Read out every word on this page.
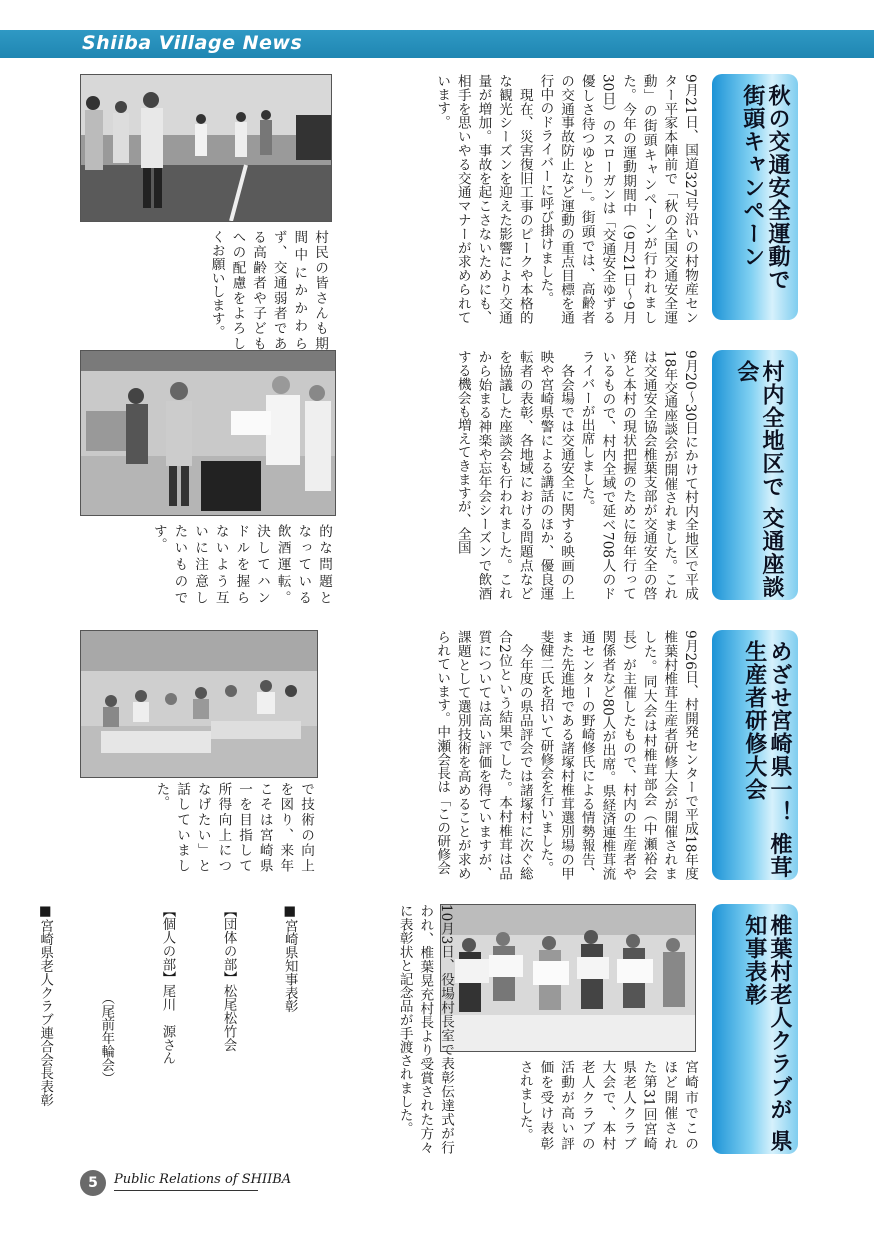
Shiiba Village News
秋の交通安全運動で 街頭キャンペーン
9月21日、国道327号沿いの村物産センター平家本陣前で「秋の全国交通安全運動」の街頭キャンペーンが行われました。今年の運動期間中（9月21日～9月30日）のスローガンは「交通安全ゆずる優しさ待つゆとり」。街頭では、高齢者の交通事故防止など運動の重点目標を通行中のドライバーに呼び掛けました。
　現在、災害復旧工事のピークや本格的な観光シーズンを迎えた影響により交通量が増加。事故を起こさないためにも、相手を思いやる交通マナーが求められています。
村民の皆さんも期間中にかかわらず、交通弱者である高齢者や子どもへの配慮をよろしくお願いします。
村内全地区で 交通座談会
9月20～30日にかけて村内全地区で平成18年交通座談会が開催されました。これは交通安全協会椎葉支部が交通安全の啓発と本村の現状把握のために毎年行っているもので、村内全域で延べ708人のドライバーが出席しました。
　各会場では交通安全に関する映画の上映や宮崎県警による講話のほか、優良運転者の表彰、各地域における問題点などを協議した座談会も行われました。これから始まる神楽や忘年会シーズンで飲酒する機会も増えてきますが、全国
的な問題となっている飲酒運転。決してハンドルを握らないよう互いに注意したいものです。
めざせ宮崎県一！ 椎茸生産者研修大会
9月26日、村開発センターで平成18年度椎葉村椎茸生産者研修大会が開催されました。同大会は村椎茸部会（中瀬裕会長）が主催したもので、村内の生産者や関係者など80人が出席。県経済連椎茸流通センターの野崎修氏による情勢報告、また先進地である諸塚村椎茸選別場の甲斐健二氏を招いて研修会を行いました。
　今年度の県品評会では諸塚村に次ぐ総合2位という結果でした。本村椎茸は品質については高い評価を得ていますが、課題として選別技術を高めることが求められています。中瀬会長は「この研修会
で技術の向上を図り、来年こそは宮崎県一を目指して所得向上につなげたい」と話していました。
椎葉村老人クラブが 県知事表彰
宮崎市でこのほど開催された第31回宮崎県老人クラブ大会で、本村老人クラブの活動が高い評価を受け表彰されました。
10月3日、役場村長室で表彰伝達式が行われ、椎葉晃充村長より受賞された方々に表彰状と記念品が手渡されました。

■宮崎県知事表彰

【団体の部】松尾松竹会

【個人の部】尾川　源さん

　　　　　　　（尾前年輪会）

■宮崎県老人クラブ連合会長表彰

5	Public Relations of SHIIBA
